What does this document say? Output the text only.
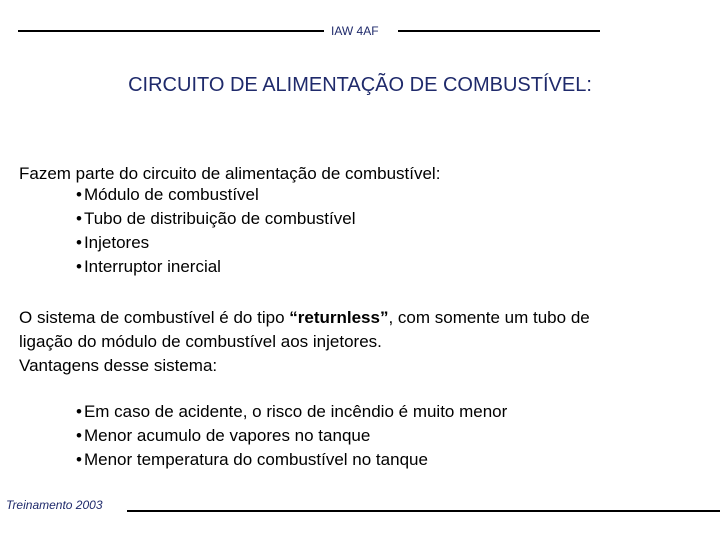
IAW 4AF
CIRCUITO DE ALIMENTAÇÃO DE COMBUSTÍVEL:
Fazem parte do circuito de alimentação de combustível:
• Módulo de combustível
• Tubo de distribuição de combustível
• Injetores
• Interruptor inercial
O sistema de combustível é do tipo “returnless”, com somente um tubo de
ligação do módulo de combustível aos injetores.
Vantagens desse sistema:
• Em caso de acidente, o risco de incêndio é muito menor
• Menor acumulo de vapores no tanque
• Menor temperatura do combustível no tanque
Treinamento 2003
